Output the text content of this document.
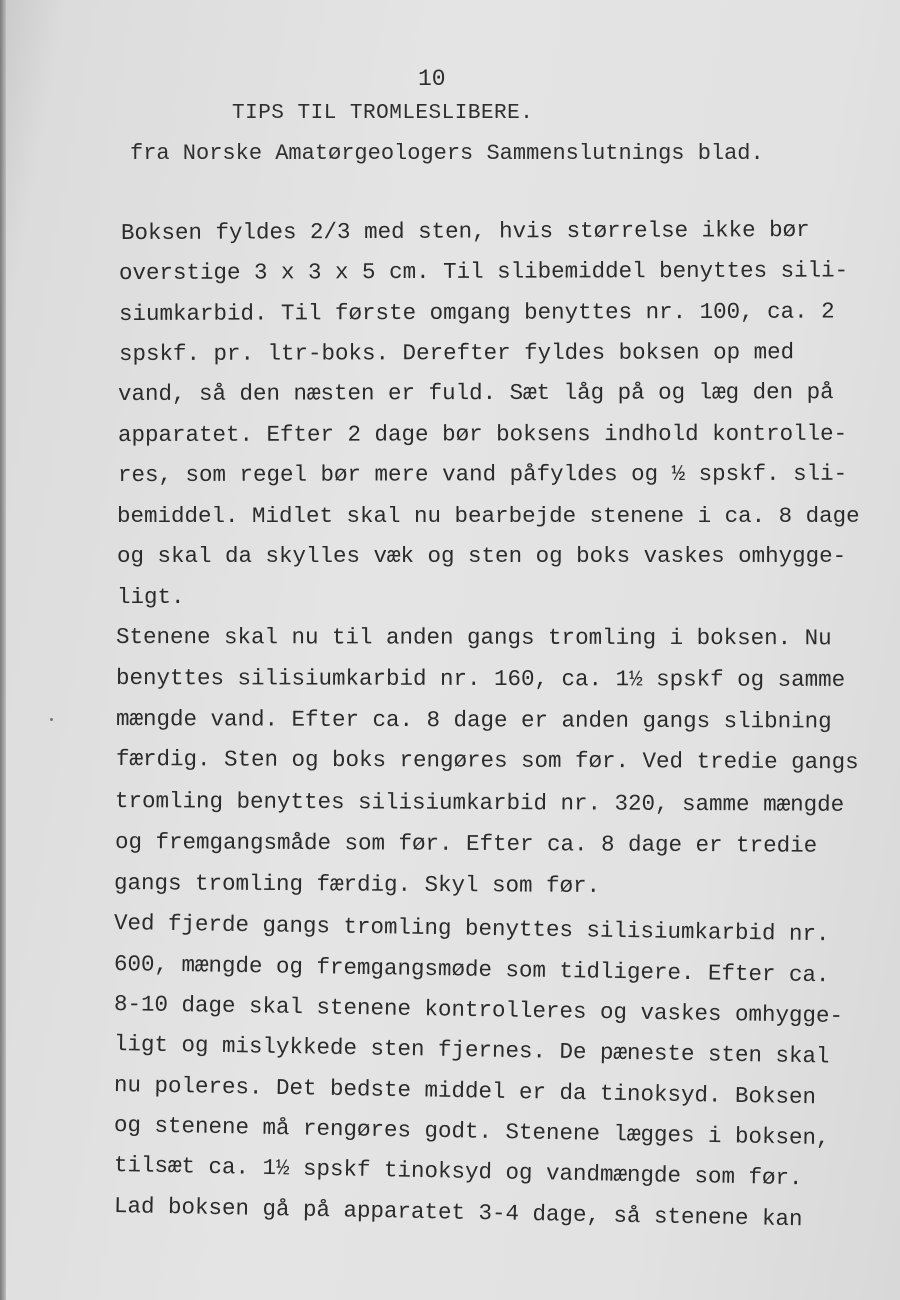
10

TIPS TIL TROMLESLIBERE.

fra Norske Amatørgeologers Sammenslutnings blad.

Boksen fyldes 2/3 med sten, hvis størrelse ikke bør
overstige 3 x 3 x 5 cm. Til slibemiddel benyttes sili-
siumkarbid. Til første omgang benyttes nr. 100, ca. 2
spskf. pr. ltr-boks. Derefter fyldes boksen op med
vand, så den næsten er fuld. Sæt låg på og læg den på
apparatet. Efter 2 dage bør boksens indhold kontrolle-
res, som regel bør mere vand påfyldes og ½ spskf. sli-
bemiddel. Midlet skal nu bearbejde stenene i ca. 8 dage
og skal da skylles væk og sten og boks vaskes omhygge-
ligt.
Stenene skal nu til anden gangs tromling i boksen. Nu
benyttes silisiumkarbid nr. 160, ca. 1½ spskf og samme
mængde vand. Efter ca. 8 dage er anden gangs slibning
færdig. Sten og boks rengøres som før. Ved tredie gangs
tromling benyttes silisiumkarbid nr. 320, samme mængde
og fremgangsmåde som før. Efter ca. 8 dage er tredie
gangs tromling færdig. Skyl som før.
Ved fjerde gangs tromling benyttes silisiumkarbid nr.
600, mængde og fremgangsmøde som tidligere. Efter ca.
8-10 dage skal stenene kontrolleres og vaskes omhygge-
ligt og mislykkede sten fjernes. De pæneste sten skal
nu poleres. Det bedste middel er da tinoksyd. Boksen
og stenene må rengøres godt. Stenene lægges i boksen,
tilsæt ca. 1½ spskf tinoksyd og vandmængde som før.
Lad boksen gå på apparatet 3-4 dage, så stenene kan
